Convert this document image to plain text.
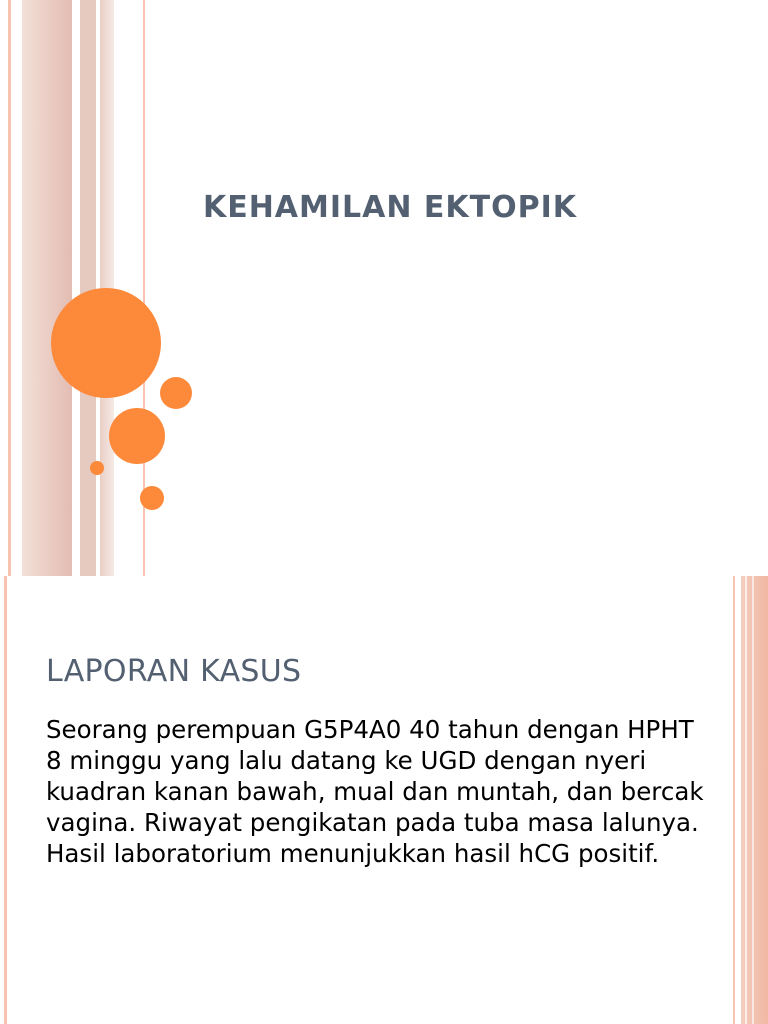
KEHAMILAN EKTOPIK
LAPORAN KASUS

Seorang perempuan G5P4A0 40 tahun dengan HPHT 8 minggu yang lalu datang ke UGD dengan nyeri kuadran kanan bawah, mual dan muntah, dan bercak vagina. Riwayat pengikatan pada tuba masa lalunya. Hasil laboratorium menunjukkan hasil hCG positif.
